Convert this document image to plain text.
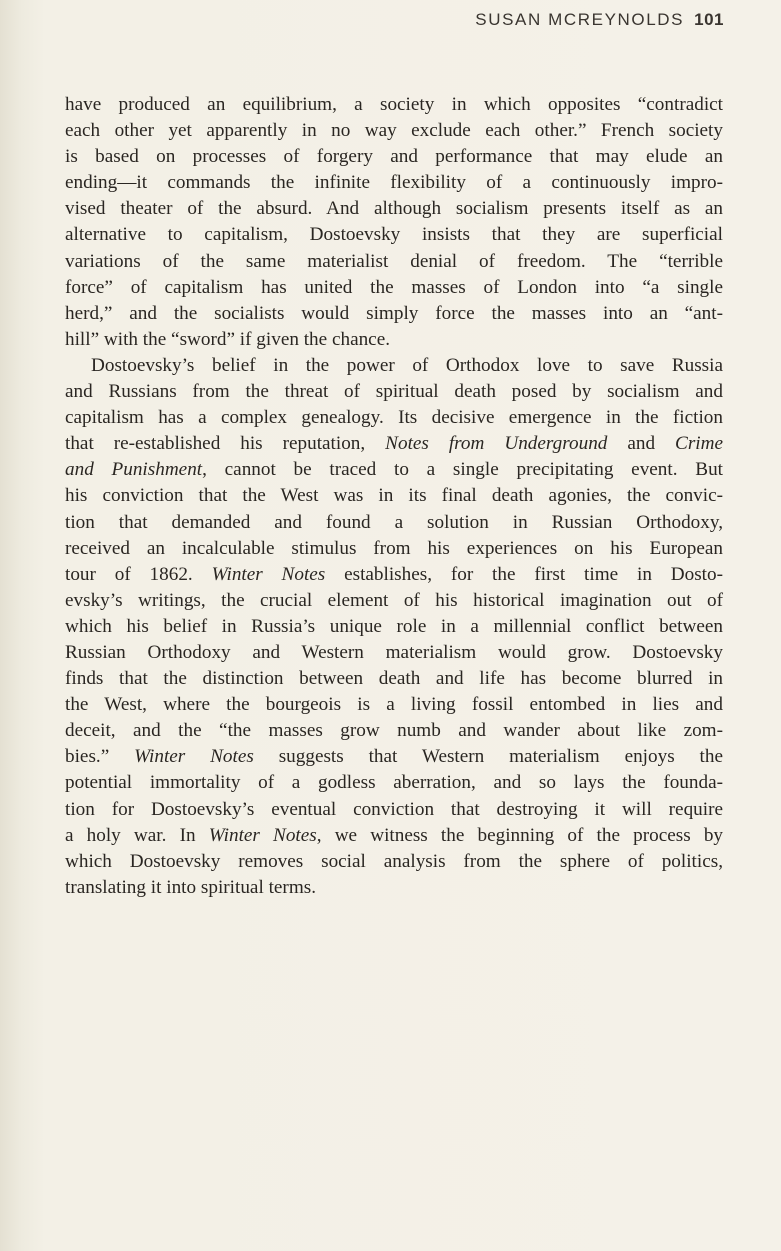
SUSAN MCREYNOLDS 101

have produced an equilibrium, a society in which opposites “contradict
each other yet apparently in no way exclude each other.” French society
is based on processes of forgery and performance that may elude an
ending—it commands the infinite flexibility of a continuously impro-
vised theater of the absurd. And although socialism presents itself as an
alternative to capitalism, Dostoevsky insists that they are superficial
variations of the same materialist denial of freedom. The “terrible
force” of capitalism has united the masses of London into “a single
herd,” and the socialists would simply force the masses into an “ant-
hill” with the “sword” if given the chance.

Dostoevsky’s belief in the power of Orthodox love to save Russia
and Russians from the threat of spiritual death posed by socialism and
capitalism has a complex genealogy. Its decisive emergence in the fiction
that re-established his reputation, Notes from Underground and Crime
and Punishment, cannot be traced to a single precipitating event. But
his conviction that the West was in its final death agonies, the convic-
tion that demanded and found a solution in Russian Orthodoxy,
received an incalculable stimulus from his experiences on his European
tour of 1862. Winter Notes establishes, for the first time in Dosto-
evsky’s writings, the crucial element of his historical imagination out of
which his belief in Russia’s unique role in a millennial conflict between
Russian Orthodoxy and Western materialism would grow. Dostoevsky
finds that the distinction between death and life has become blurred in
the West, where the bourgeois is a living fossil entombed in lies and
deceit, and the “the masses grow numb and wander about like zom-
bies.” Winter Notes suggests that Western materialism enjoys the
potential immortality of a godless aberration, and so lays the founda-
tion for Dostoevsky’s eventual conviction that destroying it will require
a holy war. In Winter Notes, we witness the beginning of the process by
which Dostoevsky removes social analysis from the sphere of politics,
translating it into spiritual terms.
